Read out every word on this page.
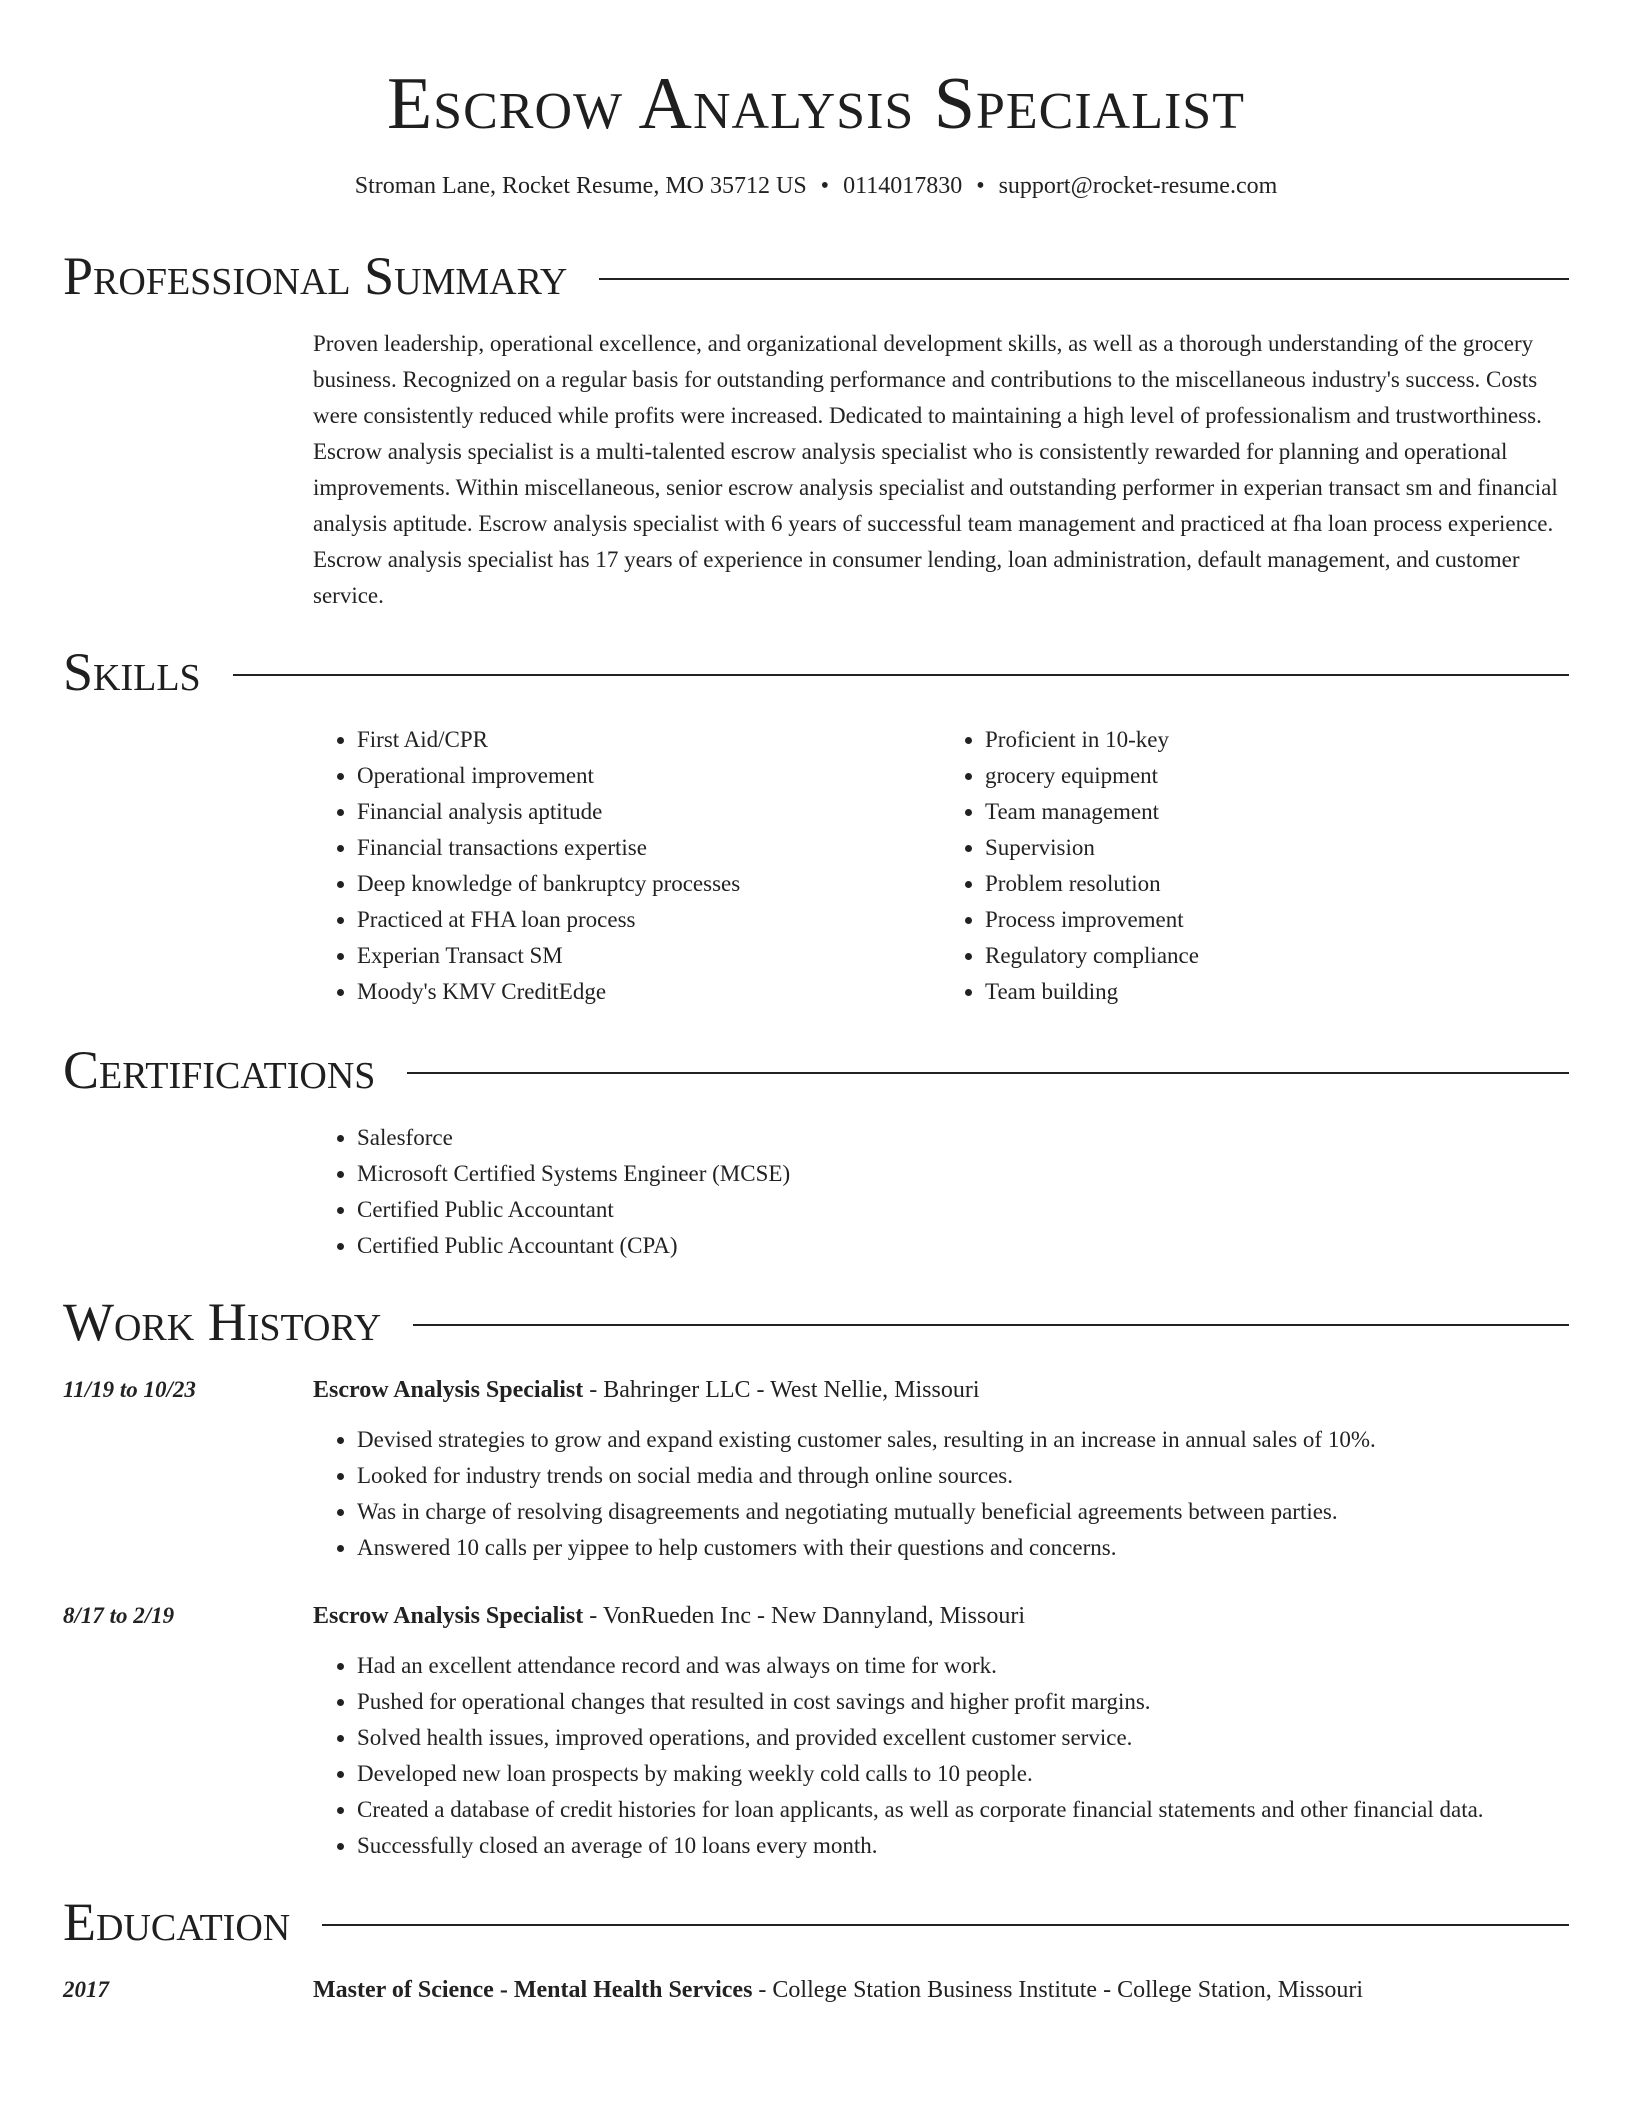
Escrow Analysis Specialist
Stroman Lane, Rocket Resume, MO 35712 US • 0114017830 • support@rocket-resume.com
Professional Summary

Proven leadership, operational excellence, and organizational development skills, as well as a thorough understanding of the grocery business. Recognized on a regular basis for outstanding performance and contributions to the miscellaneous industry's success. Costs were consistently reduced while profits were increased. Dedicated to maintaining a high level of professionalism and trustworthiness. Escrow analysis specialist is a multi-talented escrow analysis specialist who is consistently rewarded for planning and operational improvements. Within miscellaneous, senior escrow analysis specialist and outstanding performer in experian transact sm and financial analysis aptitude. Escrow analysis specialist with 6 years of successful team management and practiced at fha loan process experience. Escrow analysis specialist has 17 years of experience in consumer lending, loan administration, default management, and customer service.

Skills
• First Aid/CPR
• Operational improvement
• Financial analysis aptitude
• Financial transactions expertise
• Deep knowledge of bankruptcy processes
• Practiced at FHA loan process
• Experian Transact SM
• Moody's KMV CreditEdge
• Proficient in 10-key
• grocery equipment
• Team management
• Supervision
• Problem resolution
• Process improvement
• Regulatory compliance
• Team building
Certifications
• Salesforce
• Microsoft Certified Systems Engineer (MCSE)
• Certified Public Accountant
• Certified Public Accountant (CPA)
Work History
11/19 to 10/23	Escrow Analysis Specialist - Bahringer LLC - West Nellie, Missouri
• Devised strategies to grow and expand existing customer sales, resulting in an increase in annual sales of 10%.
• Looked for industry trends on social media and through online sources.
• Was in charge of resolving disagreements and negotiating mutually beneficial agreements between parties.
• Answered 10 calls per yippee to help customers with their questions and concerns.
8/17 to 2/19	Escrow Analysis Specialist - VonRueden Inc - New Dannyland, Missouri
• Had an excellent attendance record and was always on time for work.
• Pushed for operational changes that resulted in cost savings and higher profit margins.
• Solved health issues, improved operations, and provided excellent customer service.
• Developed new loan prospects by making weekly cold calls to 10 people.
• Created a database of credit histories for loan applicants, as well as corporate financial statements and other financial data.
• Successfully closed an average of 10 loans every month.
Education
2017	Master of Science - Mental Health Services - College Station Business Institute - College Station, Missouri
